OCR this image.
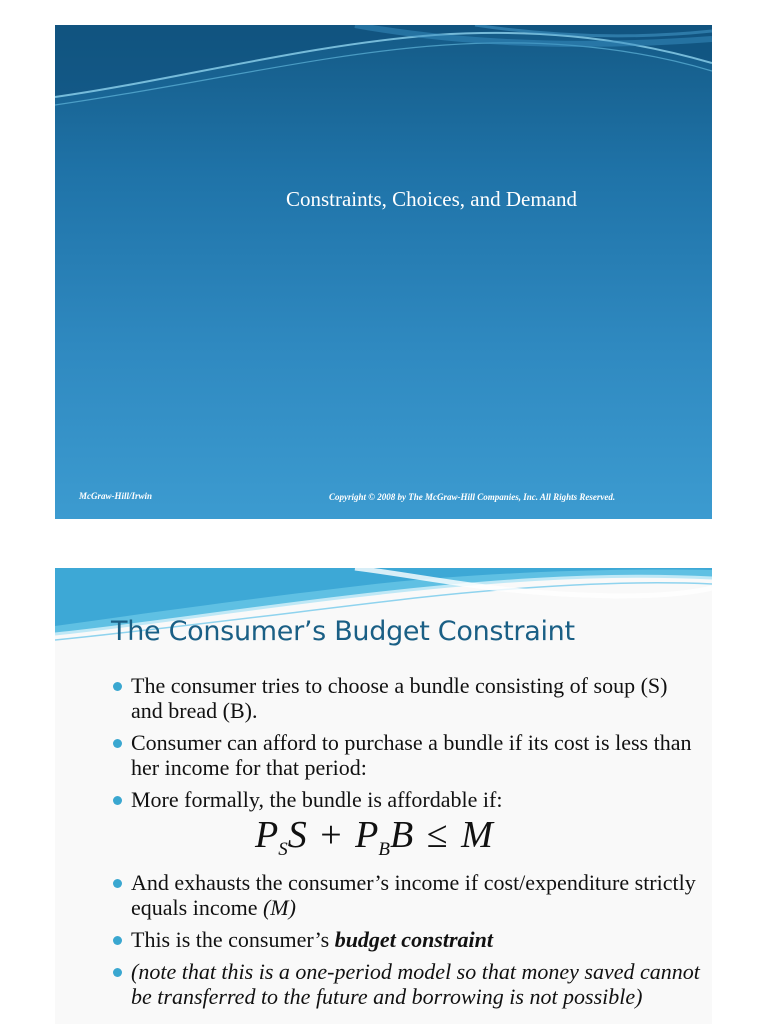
Constraints, Choices, and Demand
McGraw-Hill/Irwin	Copyright © 2008 by The McGraw-Hill Companies, Inc. All Rights Reserved.
The Consumer’s Budget Constraint
The consumer tries to choose a bundle consisting of soup (S) and bread (B).
Consumer can afford to purchase a bundle if its cost is less than her income for that period:
More formally, the bundle is affordable if:
And exhausts the consumer’s income if cost/expenditure strictly equals income (M)
This is the consumer’s budget constraint
(note that this is a one-period model so that money saved cannot be transferred to the future and borrowing is not possible)
$P_SS + P_BB \le M$
